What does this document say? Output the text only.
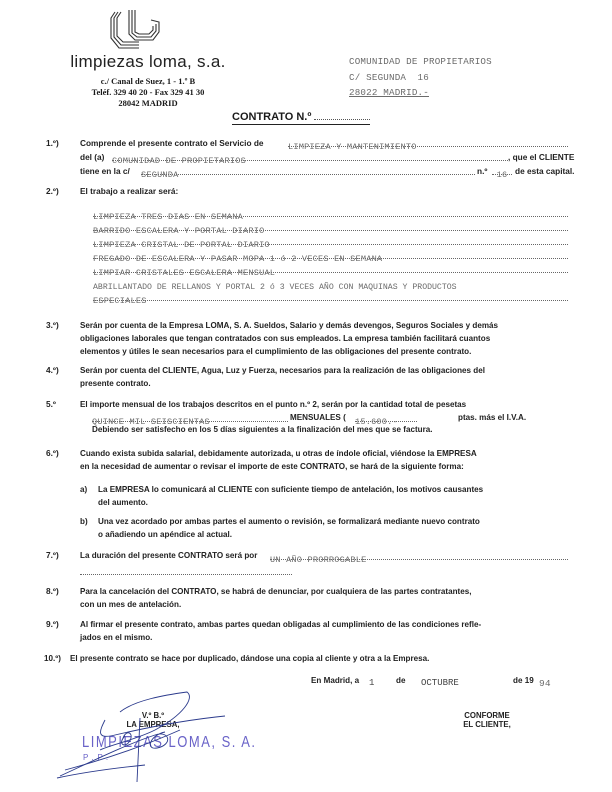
limpiezas loma, s.a.
c./ Canal de Suez, 1 - 1.º B
Teléf. 329 40 20 - Fax 329 41 30
28042 MADRID
COMUNIDAD DE PROPIETARIOS
C/ SEGUNDA  16
28022 MADRID.-
CONTRATO N.º
1.º)	Comprende el presente contrato el Servicio de	LIMPIEZA Y MANTENIMIENTO
del (a) COMUNIDAD DE PROPIETARIOS	, que el CLIENTE
tiene en la c/ SEGUNDA	n.º	16 de esta capital.
2.º)	El trabajo a realizar será:
LIMPIEZA TRES DIAS EN SEMANA
BARRIDO ESCALERA Y PORTAL DIARIO
LIMPIEZA CRISTAL DE PORTAL DIARIO
FREGADO DE ESCALERA Y PASAR MOPA 1 ó 2 VECES EN SEMANA
LIMPIAR CRISTALES ESCALERA MENSUAL
ABRILLANTADO DE RELLANOS Y PORTAL 2 ó 3 VECES AÑO CON MAQUINAS Y PRODUCTOS
ESPECIALES
3.º)	Serán por cuenta de la Empresa LOMA, S. A. Sueldos, Salario y demás devengos, Seguros Sociales y demás
obligaciones laborales que tengan contratados con sus empleados. La empresa también facilitará cuantos
elementos y útiles le sean necesarios para el cumplimiento de las obligaciones del presente contrato.
4.º)	Serán por cuenta del CLIENTE, Agua, Luz y Fuerza, necesarios para la realización de las obligaciones del
presente contrato.
5.º	El importe mensual de los trabajos descritos en el punto n.º 2, serán por la cantidad total de pesetas
QUINCE MIL SEISCIENTAS	MENSUALES ( 15.600.-	ptas. más el I.V.A.
Debiendo ser satisfecho en los 5 días siguientes a la finalización del mes que se factura.
6.º)	Cuando exista subida salarial, debidamente autorizada, u otras de índole oficial, viéndose la EMPRESA
en la necesidad de aumentar o revisar el importe de este CONTRATO, se hará de la siguiente forma:
a) La EMPRESA lo comunicará al CLIENTE con suficiente tiempo de antelación, los motivos causantes
del aumento.
b) Una vez acordado por ambas partes el aumento o revisión, se formalizará mediante nuevo contrato
o añadiendo un apéndice al actual.
7.º)	La duración del presente CONTRATO será por UN AÑO PRORROGABLE
8.º)	Para la cancelación del CONTRATO, se habrá de denunciar, por cualquiera de las partes contratantes,
con un mes de antelación.
9.º)	Al firmar el presente contrato, ambas partes quedan obligadas al cumplimiento de las condiciones refle-
jados en el mismo.
10.º) El presente contrato se hace por duplicado, dándose una copia al cliente y otra a la Empresa.
En Madrid, a 1	de OCTUBRE	de 19 94
V.º B.º
LA EMPRESA,
LIMPIEZAS LOMA, S. A.
P.P.
CONFORME
EL CLIENTE,
